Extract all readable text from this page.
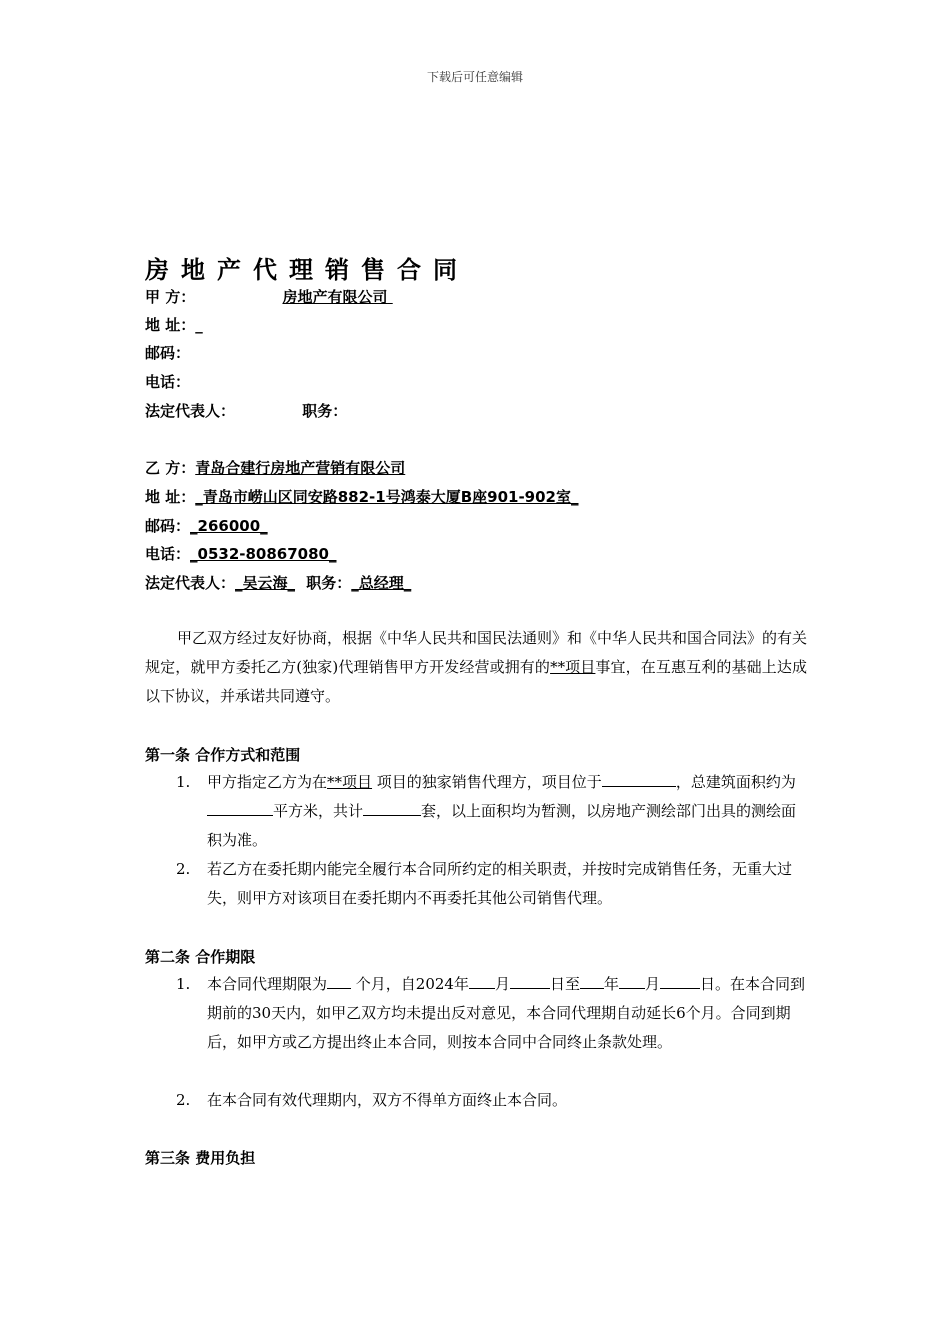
下载后可任意编辑
房地产代理销售合同
甲 方：	房地产有限公司
地 址：_
邮码：
电话：
法定代表人：	职务：
乙 方：青岛合建行房地产营销有限公司
地 址：_青岛市崂山区同安路882-1号鸿泰大厦B座901-902室_
邮码：_266000_
电话：_0532-80867080_
法定代表人：_吴云海_ 职务：_总经理_
甲乙双方经过友好协商，根据《中华人民共和国民法通则》和《中华人民共和国合同法》的有关规定，就甲方委托乙方(独家)代理销售甲方开发经营或拥有的**项目事宜，在互惠互利的基础上达成以下协议，并承诺共同遵守。
第一条 合作方式和范围
1. 甲方指定乙方为在**项目 项目的独家销售代理方，项目位于	，总建筑面积约为平方米，共计	套，以上面积均为暂测，以房地产测绘部门出具的测绘面积为准。
2. 若乙方在委托期内能完全履行本合同所约定的相关职责，并按时完成销售任务，无重大过失，则甲方对该项目在委托期内不再委托其他公司销售代理。
第二条 合作期限
1. 本合同代理期限为 个月，自2024年 月	日至 年 月	日。在本合同到期前的30天内，如甲乙双方均未提出反对意见，本合同代理期自动延长6个月。合同到期后，如甲方或乙方提出终止本合同，则按本合同中合同终止条款处理。
2. 在本合同有效代理期内，双方不得单方面终止本合同。
第三条 费用负担
